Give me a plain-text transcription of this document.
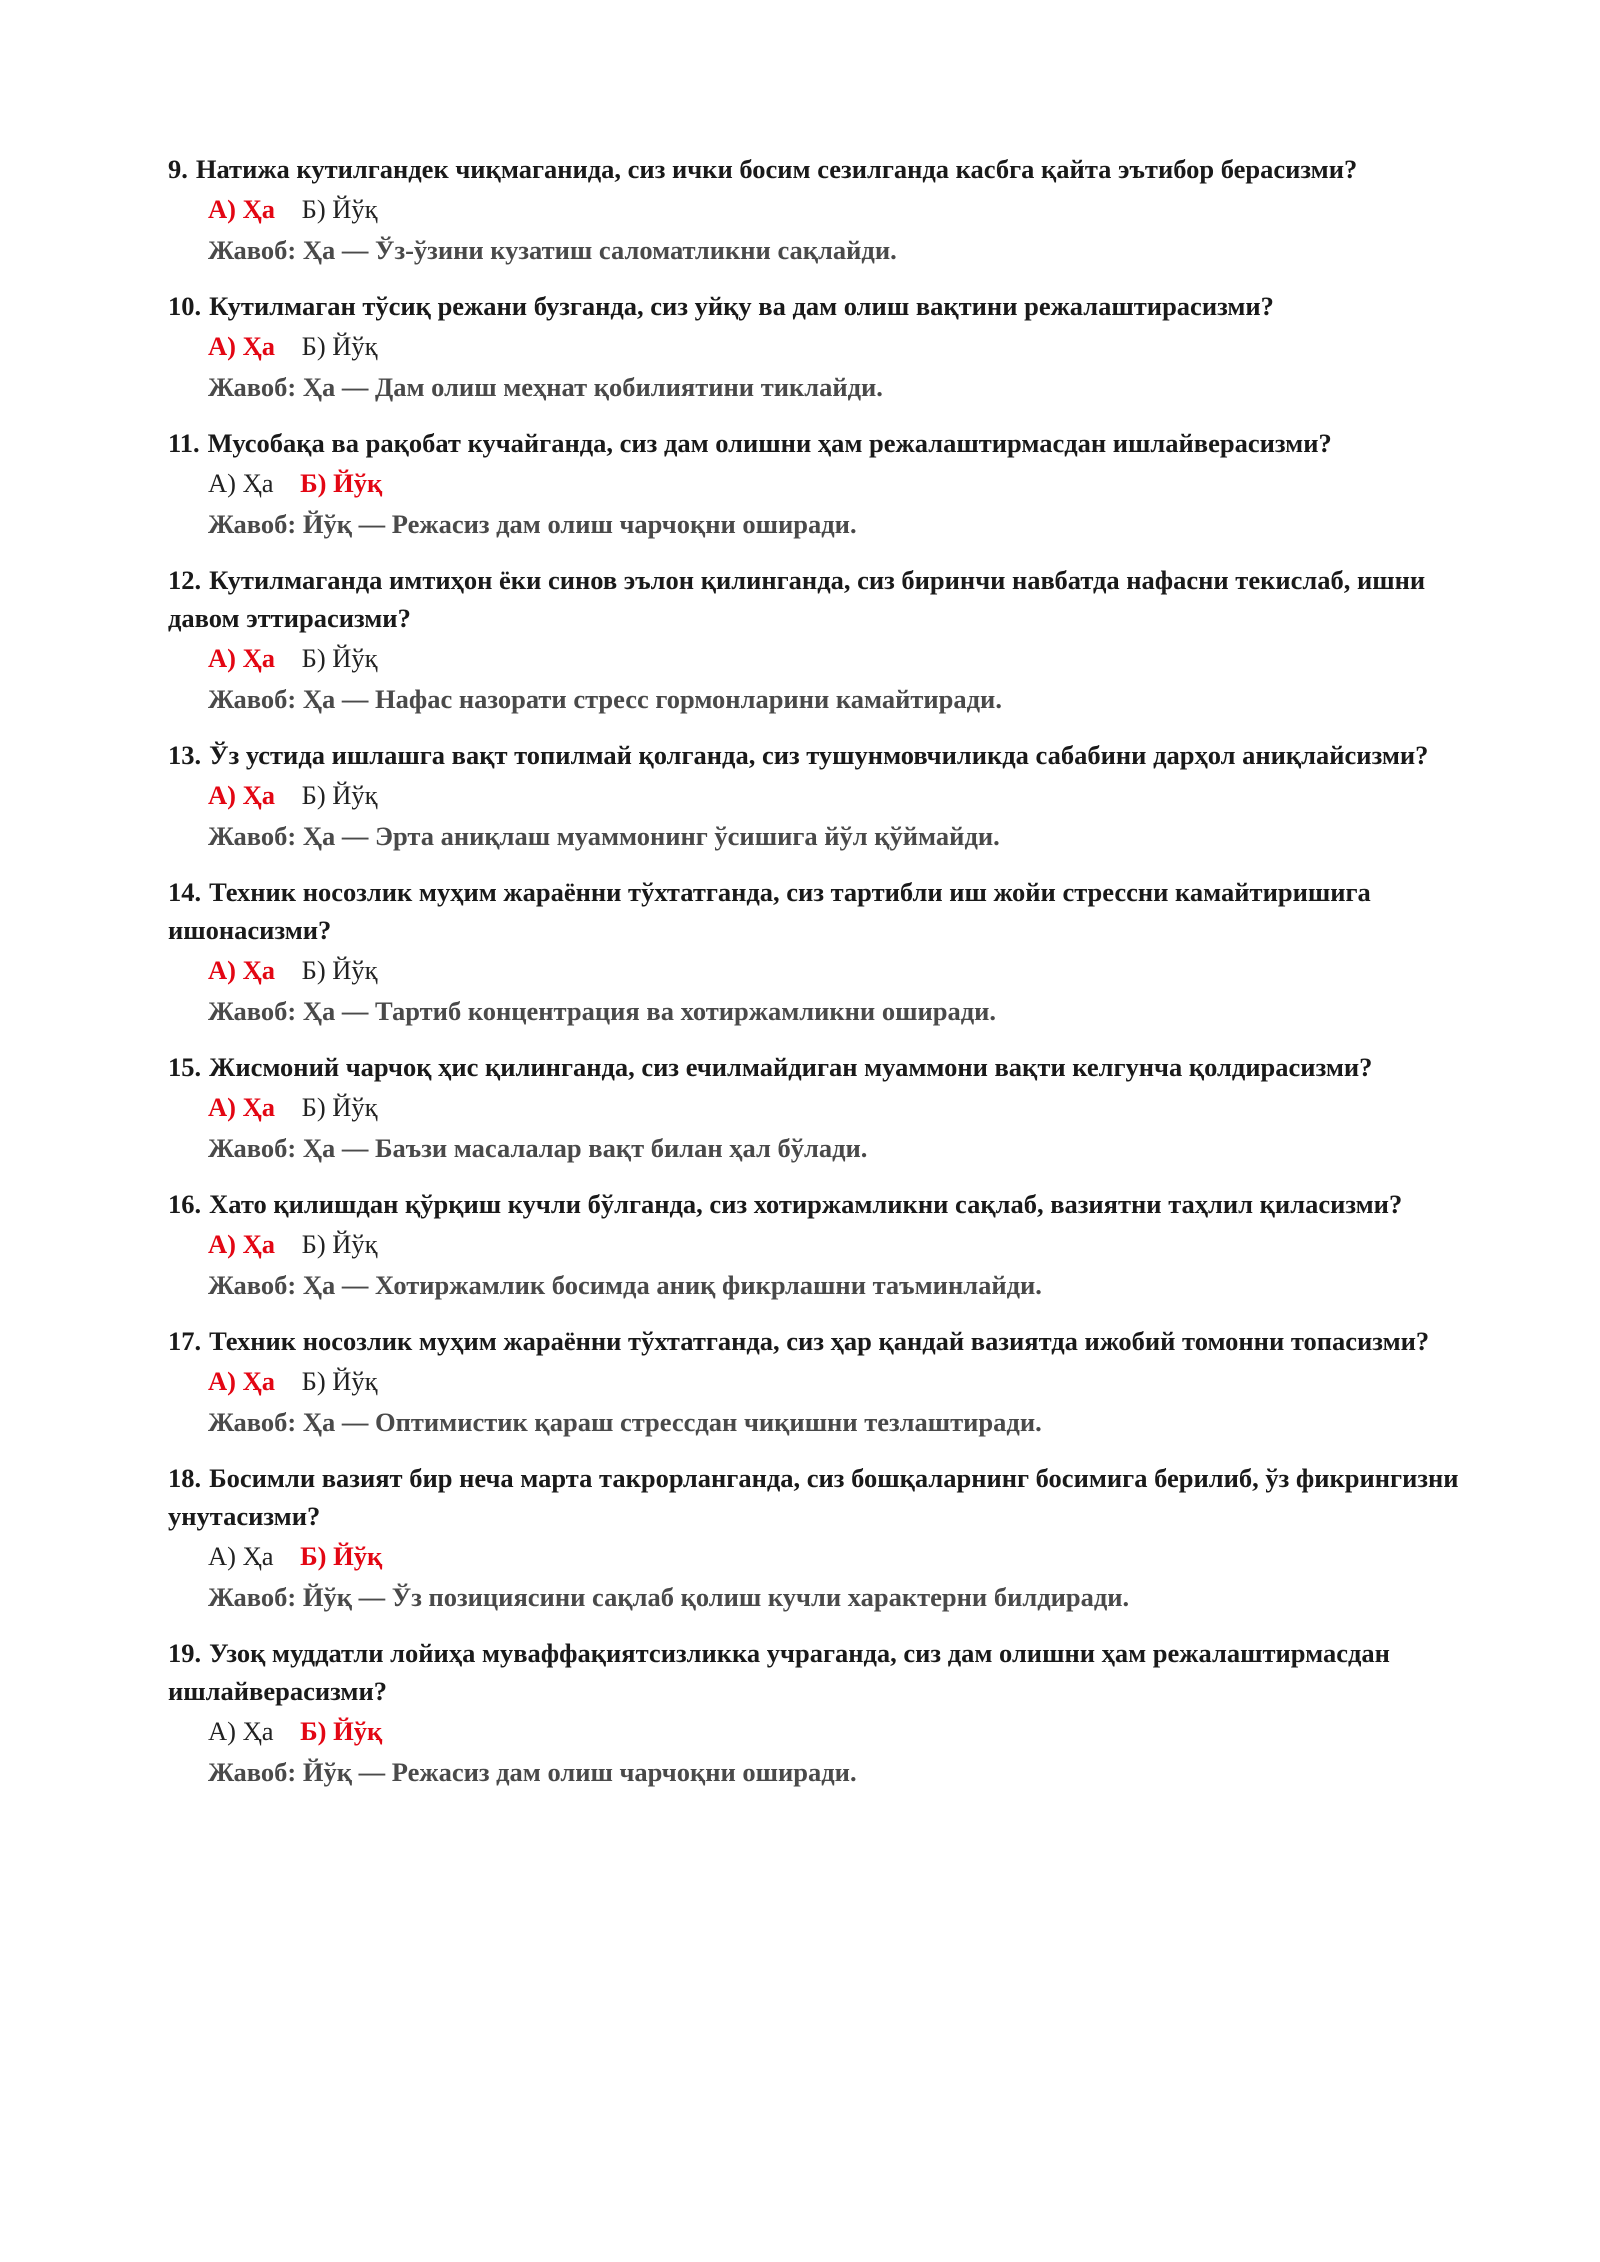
9. Натижа кутилгандек чиқмаганида, сиз ички босим сезилганда касбга қайта эътибор берасизми?

А) Ҳа Б) Йўқ
Жавоб: Ҳа — Ўз-ўзини кузатиш саломатликни сақлайди.

10. Кутилмаган тўсиқ режани бузганда, сиз уйқу ва дам олиш вақтини режалаштирасизми?

А) Ҳа Б) Йўқ
Жавоб: Ҳа — Дам олиш меҳнат қобилиятини тиклайди.

11. Мусобақа ва рақобат кучайганда, сиз дам олишни ҳам режалаштирмасдан ишлайверасизми?

А) Ҳа Б) Йўқ
Жавоб: Йўқ — Режасиз дам олиш чарчоқни оширади.

12. Кутилмаганда имтиҳон ёки синов эълон қилинганда, сиз биринчи навбатда нафасни текислаб, ишни давом эттирасизми?

А) Ҳа Б) Йўқ
Жавоб: Ҳа — Нафас назорати стресс гормонларини камайтиради.

13. Ўз устида ишлашга вақт топилмай қолганда, сиз тушунмовчиликда сабабини дарҳол аниқлайсизми?

А) Ҳа Б) Йўқ
Жавоб: Ҳа — Эрта аниқлаш муаммонинг ўсишига йўл қўймайди.

14. Техник носозлик муҳим жараённи тўхтатганда, сиз тартибли иш жойи стрессни камайтиришига ишонасизми?

А) Ҳа Б) Йўқ
Жавоб: Ҳа — Тартиб концентрация ва хотиржамликни оширади.

15. Жисмоний чарчоқ ҳис қилинганда, сиз ечилмайдиган муаммони вақти келгунча қолдирасизми?

А) Ҳа Б) Йўқ
Жавоб: Ҳа — Баъзи масалалар вақт билан ҳал бўлади.

16. Хато қилишдан қўрқиш кучли бўлганда, сиз хотиржамликни сақлаб, вазиятни таҳлил қиласизми?

А) Ҳа Б) Йўқ
Жавоб: Ҳа — Хотиржамлик босимда аниқ фикрлашни таъминлайди.

17. Техник носозлик муҳим жараённи тўхтатганда, сиз ҳар қандай вазиятда ижобий томонни топасизми?

А) Ҳа Б) Йўқ
Жавоб: Ҳа — Оптимистик қараш стрессдан чиқишни тезлаштиради.

18. Босимли вазият бир неча марта такрорланганда, сиз бошқаларнинг босимига берилиб, ўз фикрингизни унутасизми?

А) Ҳа Б) Йўқ
Жавоб: Йўқ — Ўз позициясини сақлаб қолиш кучли характерни билдиради.

19. Узоқ муддатли лойиҳа муваффақиятсизликка учраганда, сиз дам олишни ҳам режалаштирмасдан ишлайверасизми?

А) Ҳа Б) Йўқ
Жавоб: Йўқ — Режасиз дам олиш чарчоқни оширади.
